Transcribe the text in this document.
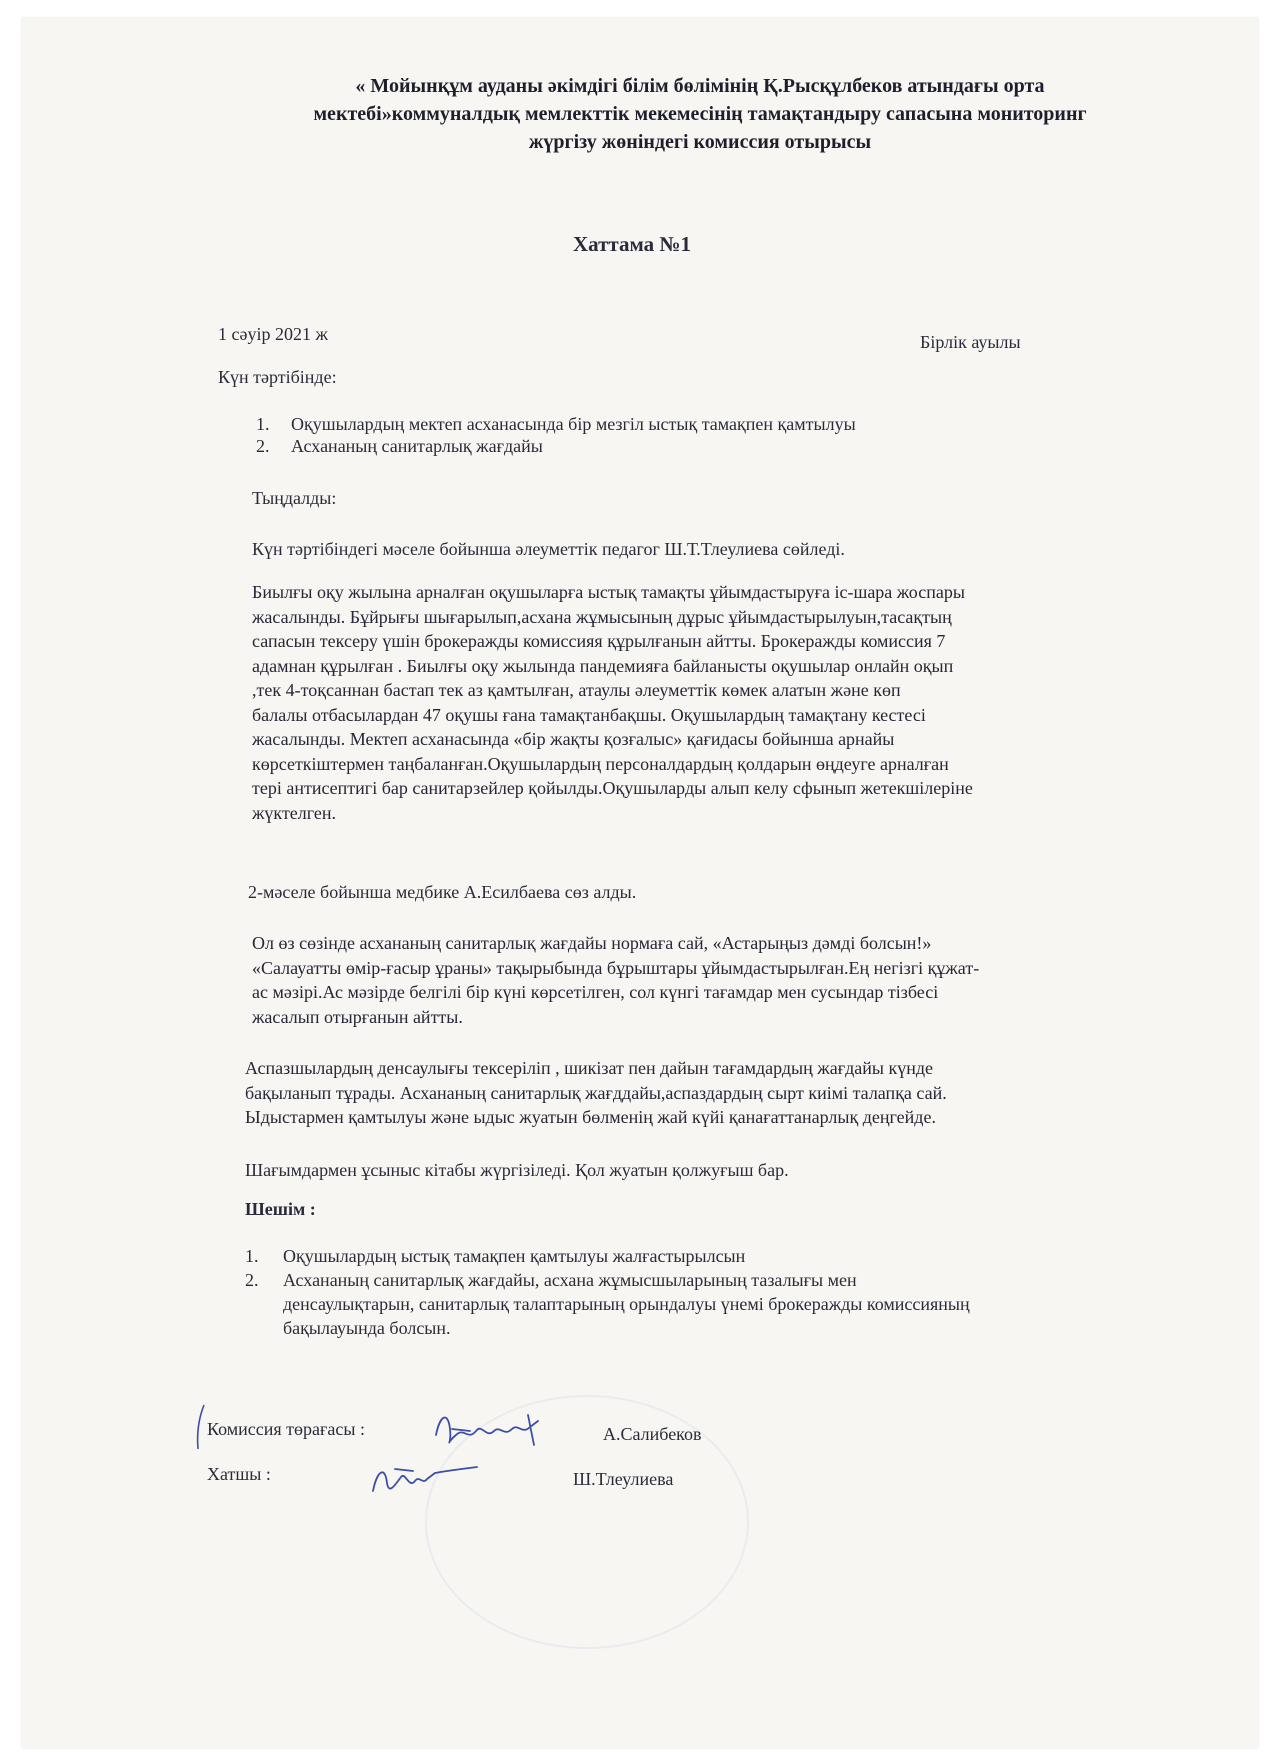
« Мойынқұм ауданы әкімдігі білім бөлімінің Қ.Рысқұлбеков атындағы орта
мектебі»коммуналдық мемлекттік мекемесінің тамақтандыру сапасына мониторинг
жүргізу жөніндегі комиссия отырысы
Хаттама №1
1 сәуір 2021 ж	Бірлік ауылы
Күн тәртібінде:
1. Оқушылардың мектеп асханасында бір мезгіл ыстық тамақпен қамтылуы
2. Асхананың санитарлық жағдайы
Тыңдалды:
Күн тәртібіндегі мәселе бойынша әлеуметтік педагог Ш.Т.Тлеулиева сөйледі.
Биылғы оқу жылына арналған оқушыларға ыстық тамақты ұйымдастыруға іс-шара жоспары
жасалынды. Бұйрығы шығарылып,асхана жұмысының дұрыс ұйымдастырылуын,тасақтың
сапасын тексеру үшін брокеражды комиссияя құрылғанын айтты. Брокеражды комиссия 7
адамнан құрылған . Биылғы оқу жылында пандемияға байланысты оқушылар онлайн оқып
,тек 4-тоқсаннан бастап тек аз қамтылған, атаулы әлеуметтік көмек алатын және көп
балалы отбасылардан 47 оқушы ғана тамақтанбақшы. Оқушылардың тамақтану кестесі
жасалынды. Мектеп асханасында «бір жақты қозғалыс» қағидасы бойынша арнайы
көрсеткіштермен таңбаланған.Оқушылардың персоналдардың қолдарын өңдеуге арналған
тері антисептигі бар санитарзейлер қойылды.Оқушыларды алып келу сфынып жетекшілеріне
жүктелген.
2-мәселе бойынша медбике А.Есилбаева сөз алды.
Ол өз сөзінде асхананың санитарлық жағдайы нормаға сай, «Астарыңыз дәмді болсын!»
«Салауатты өмір-ғасыр ұраны» тақырыбында бұрыштары ұйымдастырылған.Ең негізгі құжат-
ас мәзірі.Ас мәзірде белгілі бір күні көрсетілген, сол күнгі тағамдар мен сусындар тізбесі
жасалып отырғанын айтты.
Аспазшылардың денсаулығы тексеріліп , шикізат пен дайын тағамдардың жағдайы күнде
бақыланып тұрады. Асхананың санитарлық жағддайы,аспаздардың сырт киімі талапқа сай.
Ыдыстармен қамтылуы және ыдыс жуатын бөлменің жай күйі қанағаттанарлық деңгейде.
Шағымдармен ұсыныс кітабы жүргізіледі. Қол жуатын қолжуғыш бар.
Шешім :
1. Оқушылардың ыстық тамақпен қамтылуы жалғастырылсын
2. Асхананың санитарлық жағдайы, асхана жұмысшыларының тазалығы мен
денсаулықтарын, санитарлық талаптарының орындалуы үнемі брокеражды комиссияның
бақылауында болсын.
Комиссия төрағасы :	А.Салибеков
Хатшы :	Ш.Тлеулиева
